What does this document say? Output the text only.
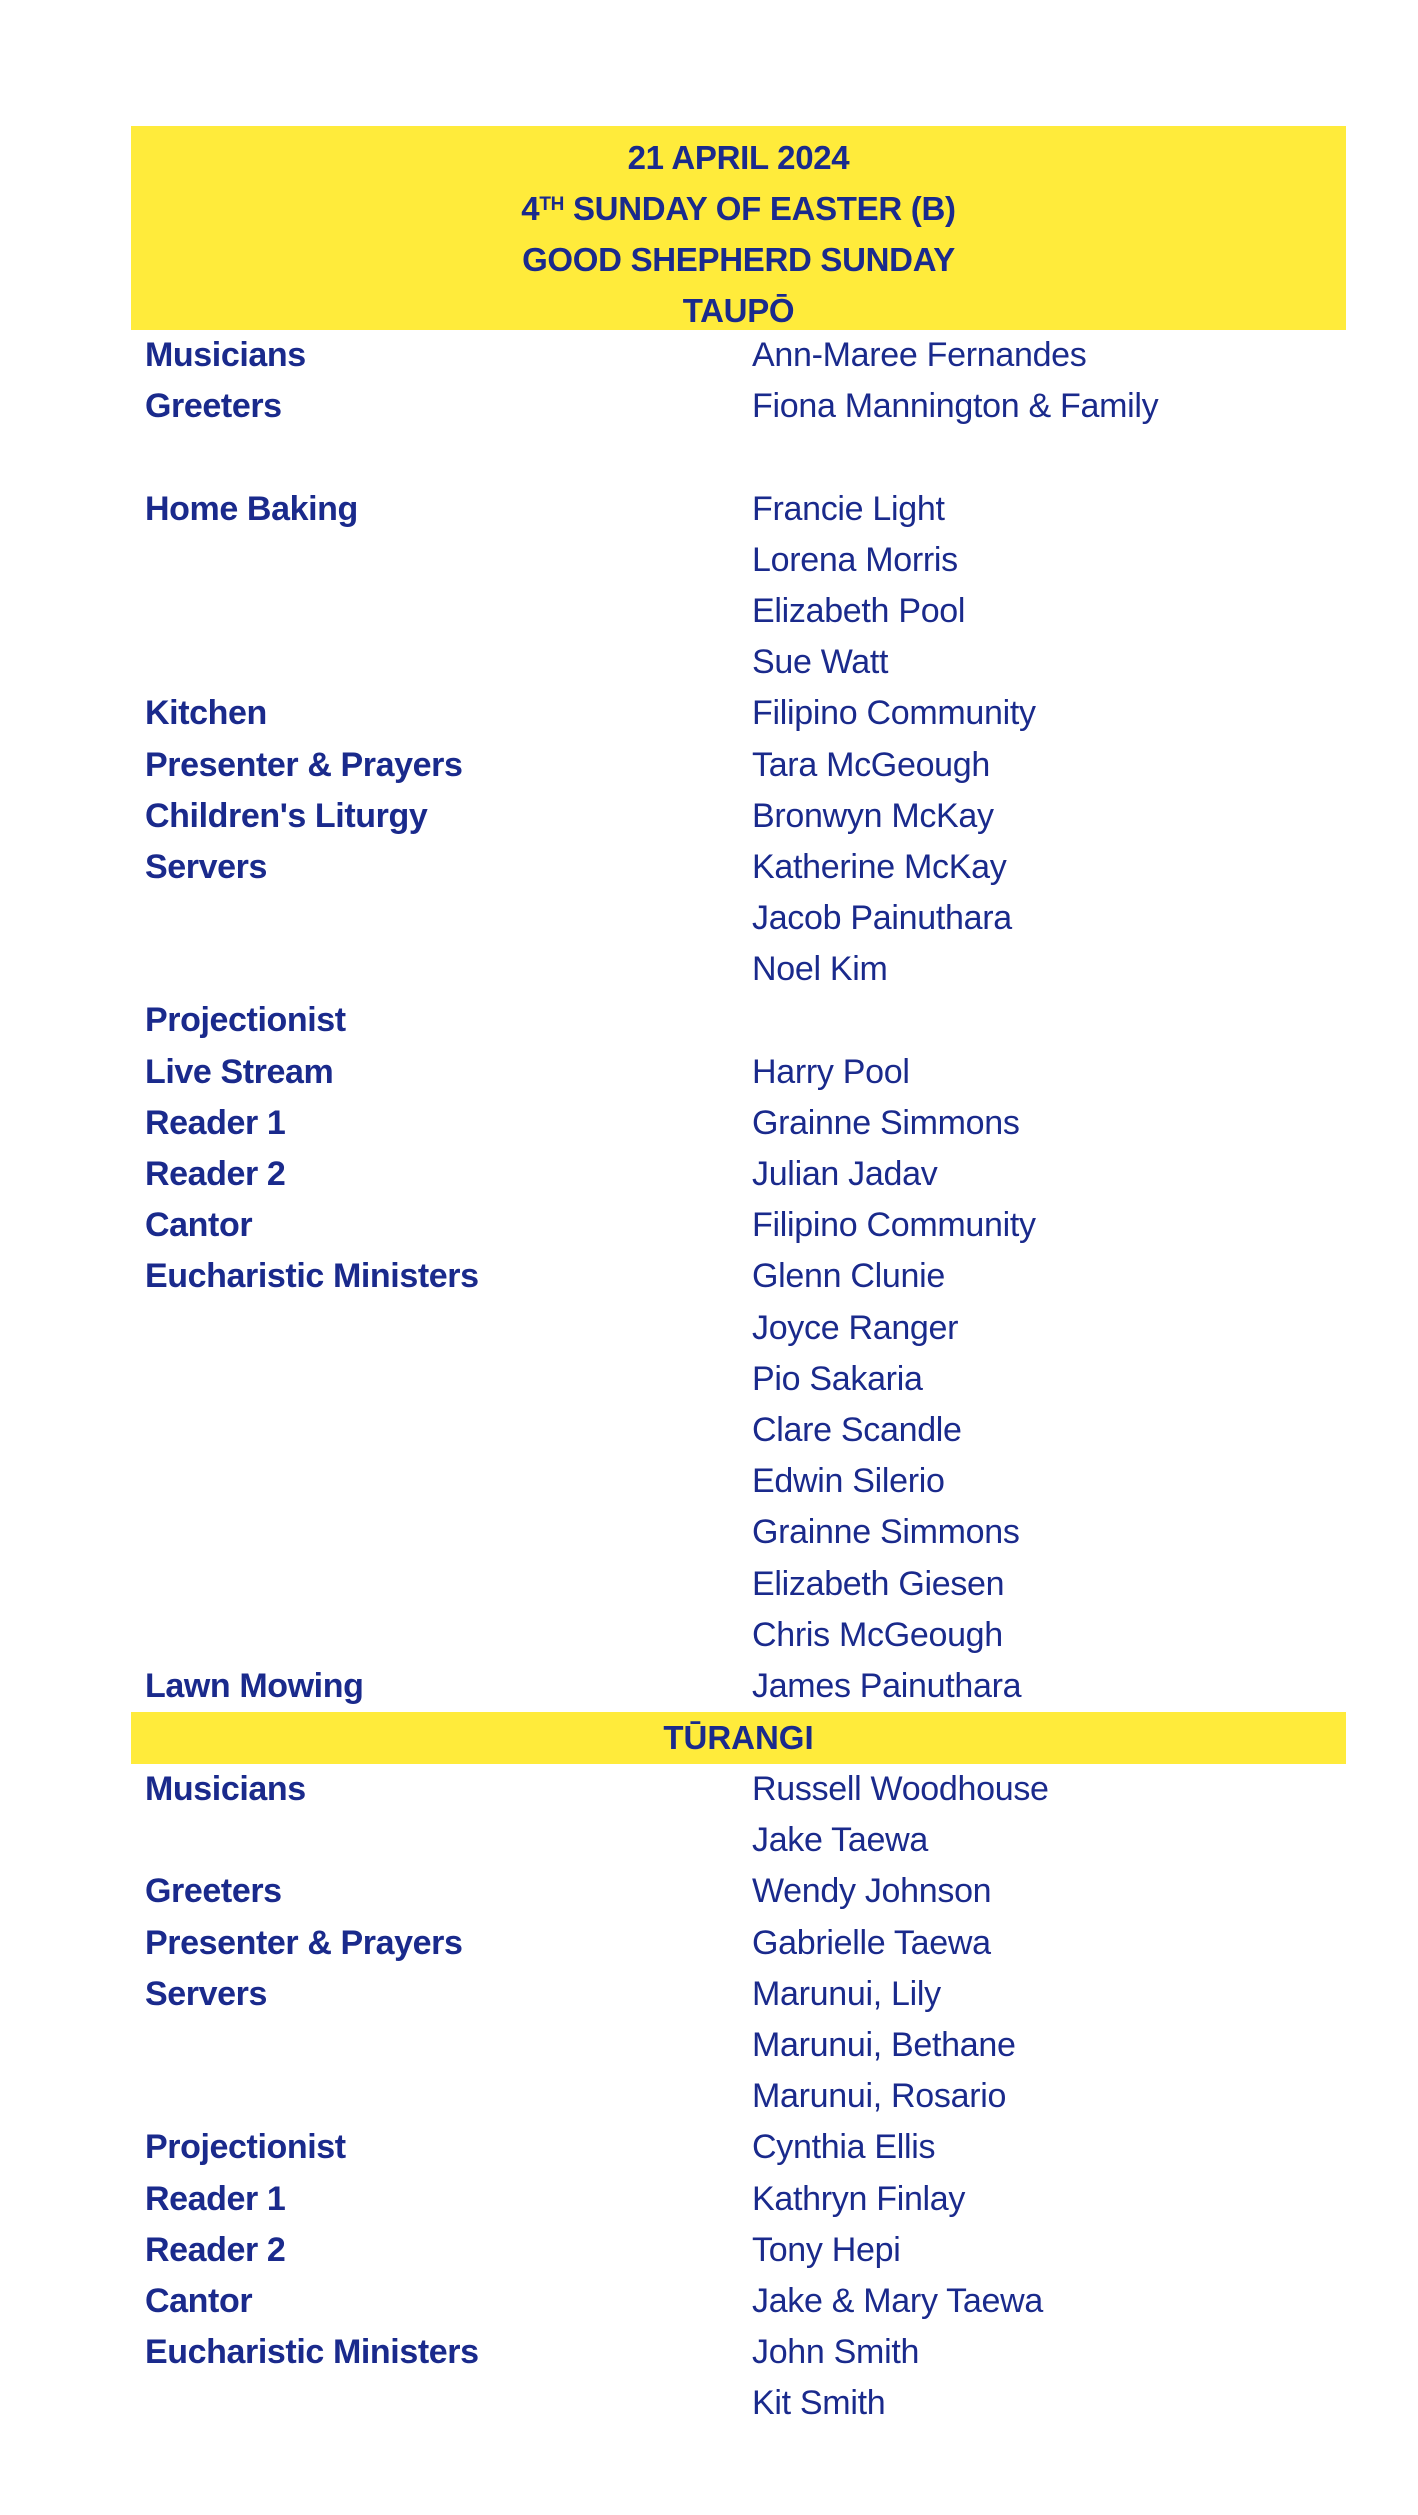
21 APRIL 2024
4TH SUNDAY OF EASTER (B)
GOOD SHEPHERD SUNDAY
TAUPŌ
Musicians	Ann-Maree Fernandes
Greeters	Fiona Mannington & Family
Home Baking	Francie Light
Lorena Morris
Elizabeth Pool
Sue Watt
Kitchen	Filipino Community
Presenter & Prayers	Tara McGeough
Children's Liturgy	Bronwyn McKay
Servers	Katherine McKay
Jacob Painuthara
Noel Kim
Projectionist
Live Stream	Harry Pool
Reader 1	Grainne Simmons
Reader 2	Julian Jadav
Cantor	Filipino Community
Eucharistic Ministers	Glenn Clunie
Joyce Ranger
Pio Sakaria
Clare Scandle
Edwin Silerio
Grainne Simmons
Elizabeth Giesen
Chris McGeough
Lawn Mowing	James Painuthara
TŪRANGI
Musicians	Russell Woodhouse
Jake Taewa
Greeters	Wendy Johnson
Presenter & Prayers	Gabrielle Taewa
Servers	Marunui, Lily
Marunui, Bethane
Marunui, Rosario
Projectionist	Cynthia Ellis
Reader 1	Kathryn Finlay
Reader 2	Tony Hepi
Cantor	Jake & Mary Taewa
Eucharistic Ministers	John Smith
Kit Smith
